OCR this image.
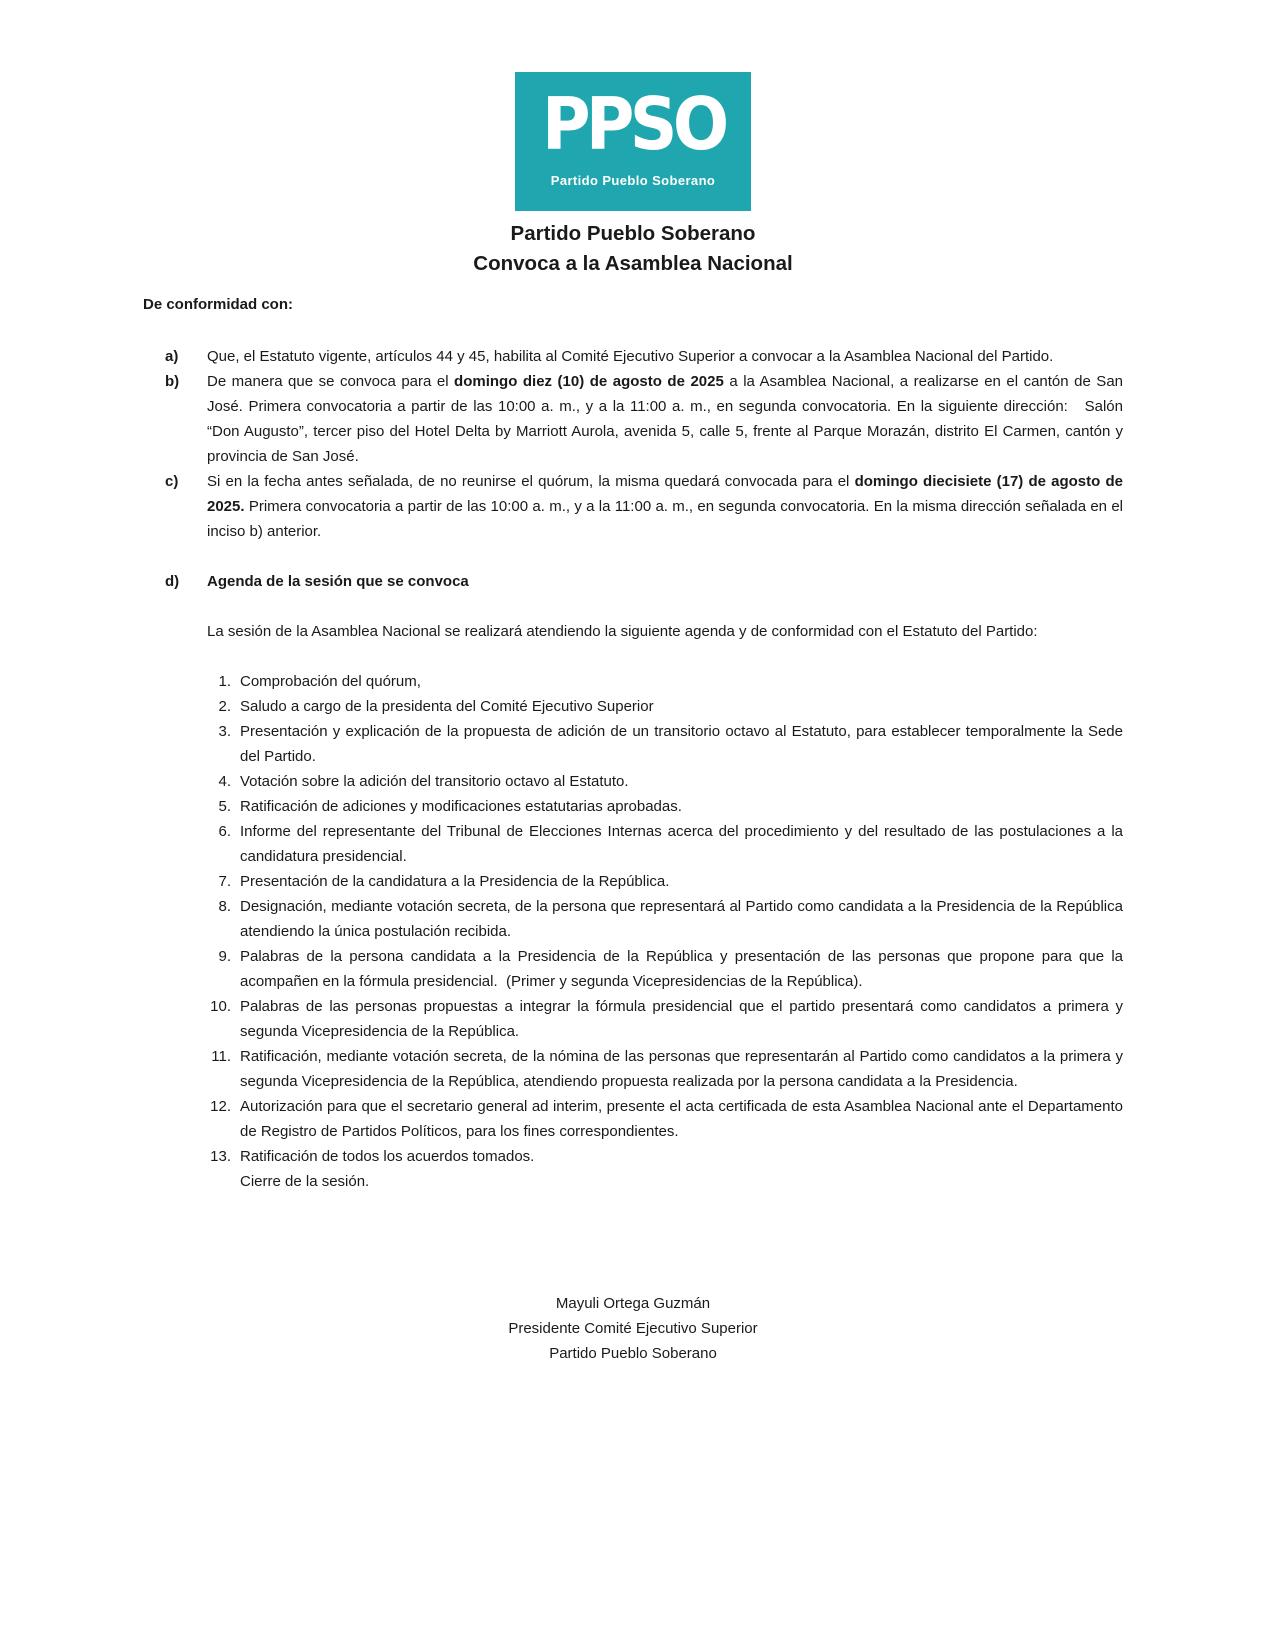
PPSO
Partido Pueblo Soberano
Partido Pueblo Soberano
Convoca a la Asamblea Nacional

De conformidad con:

a) Que, el Estatuto vigente, artículos 44 y 45, habilita al Comité Ejecutivo Superior a convocar a la Asamblea Nacional del Partido.
b) De manera que se convoca para el domingo diez (10) de agosto de 2025 a la Asamblea Nacional, a realizarse en el cantón de San José. Primera convocatoria a partir de las 10:00 a. m., y a la 11:00 a. m., en segunda convocatoria. En la siguiente dirección:   Salón “Don Augusto”, tercer piso del Hotel Delta by Marriott Aurola, avenida 5, calle 5, frente al Parque Morazán, distrito El Carmen, cantón y provincia de San José.
c) Si en la fecha antes señalada, de no reunirse el quórum, la misma quedará convocada para el domingo diecisiete (17) de agosto de 2025. Primera convocatoria a partir de las 10:00 a. m., y a la 11:00 a. m., en segunda convocatoria. En la misma dirección señalada en el inciso b) anterior.
d) Agenda de la sesión que se convoca

La sesión de la Asamblea Nacional se realizará atendiendo la siguiente agenda y de conformidad con el Estatuto del Partido:

1. Comprobación del quórum,
2. Saludo a cargo de la presidenta del Comité Ejecutivo Superior
3. Presentación y explicación de la propuesta de adición de un transitorio octavo al Estatuto, para establecer temporalmente la Sede del Partido.
4. Votación sobre la adición del transitorio octavo al Estatuto.
5. Ratificación de adiciones y modificaciones estatutarias aprobadas.
6. Informe del representante del Tribunal de Elecciones Internas acerca del procedimiento y del resultado de las postulaciones a la candidatura presidencial.
7. Presentación de la candidatura a la Presidencia de la República.
8. Designación, mediante votación secreta, de la persona que representará al Partido como candidata a la Presidencia de la República atendiendo la única postulación recibida.
9. Palabras de la persona candidata a la Presidencia de la República y presentación de las personas que propone para que la acompañen en la fórmula presidencial.  (Primer y segunda Vicepresidencias de la República).
10. Palabras de las personas propuestas a integrar la fórmula presidencial que el partido presentará como candidatos a primera y segunda Vicepresidencia de la República.
11. Ratificación, mediante votación secreta, de la nómina de las personas que representarán al Partido como candidatos a la primera y segunda Vicepresidencia de la República, atendiendo propuesta realizada por la persona candidata a la Presidencia.
12. Autorización para que el secretario general ad interim, presente el acta certificada de esta Asamblea Nacional ante el Departamento de Registro de Partidos Políticos, para los fines correspondientes.
13. Ratificación de todos los acuerdos tomados.
Cierre de la sesión.
Mayuli Ortega Guzmán
Presidente Comité Ejecutivo Superior
Partido Pueblo Soberano
